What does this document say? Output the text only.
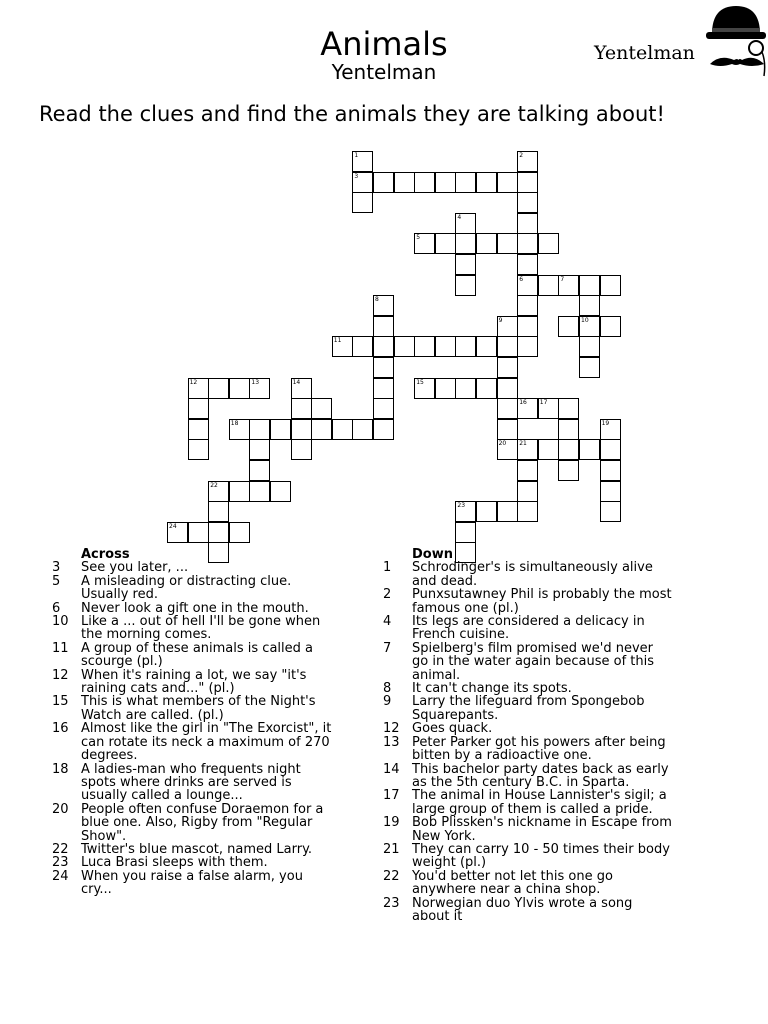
Animals
Yentelman
Yentelman
Read the clues and find the animals they are talking about!
1	2
3
4
5
6	7
8
9	10
11
12	13	14	15
16 17
18	19
20 21
22
23
24
Across
3	See you later, ...
5	A misleading or distracting clue. Usually red.
6	Never look a gift one in the mouth.
10 Like a ... out of hell I'll be gone when the morning comes.
11 A group of these animals is called a scourge (pl.)
12 When it's raining a lot, we say "it's raining cats and..." (pl.)
15 This is what members of the Night's Watch are called. (pl.)
16 Almost like the girl in "The Exorcist", it can rotate its neck a maximum of 270 degrees.
18 A ladies-man who frequents night spots where drinks are served is usually called a lounge...
20 People often confuse Doraemon for a blue one. Also, Rigby from "Regular Show".
22 Twitter's blue mascot, named Larry.
23 Luca Brasi sleeps with them.
24 When you raise a false alarm, you cry...
Down
1	Schrodinger's is simultaneously alive and dead.
2	Punxsutawney Phil is probably the most famous one (pl.)
4	Its legs are considered a delicacy in French cuisine.
7	Spielberg's film promised we'd never go in the water again because of this animal.
8	It can't change its spots.
9	Larry the lifeguard from Spongebob Squarepants.
12 Goes quack.
13 Peter Parker got his powers after being bitten by a radioactive one.
14 This bachelor party dates back as early as the 5th century B.C. in Sparta.
17 The animal in House Lannister's sigil; a large group of them is called a pride.
19 Bob Plissken's nickname in Escape from New York.
21 They can carry 10 - 50 times their body weight (pl.)
22 You'd better not let this one go anywhere near a china shop.
23 Norwegian duo Ylvis wrote a song about it
